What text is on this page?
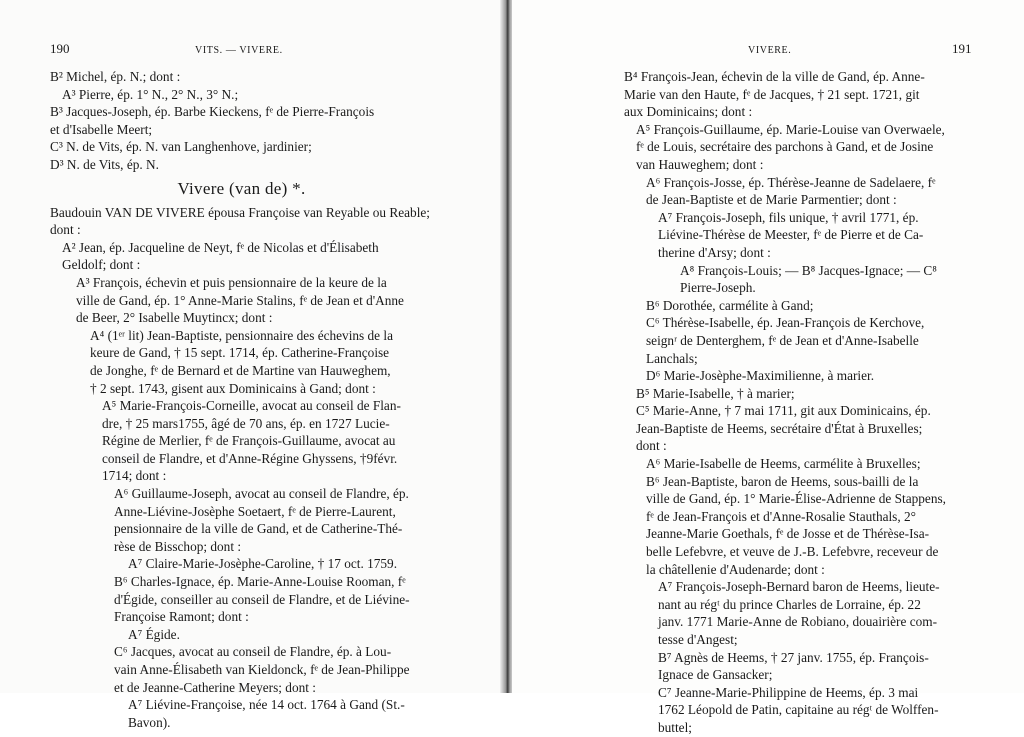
190	VITS. — VIVERE.
B² Michel, ép. N.; dont :
A³ Pierre, ép. 1° N., 2° N., 3° N.;
B³ Jacques-Joseph, ép. Barbe Kieckens, fᵉ de Pierre-François
et d'Isabelle Meert;
C³ N. de Vits, ép. N. van Langhenhove, jardinier;
D³ N. de Vits, ép. N.
Vivere (van de) *.
Baudouin VAN DE VIVERE épousa Françoise van Reyable ou Reable;
dont :
A² Jean, ép. Jacqueline de Neyt, fᵉ de Nicolas et d'Élisabeth
Geldolf; dont :
A³ François, échevin et puis pensionnaire de la keure de la
ville de Gand, ép. 1° Anne-Marie Stalins, fᵉ de Jean et d'Anne
de Beer, 2° Isabelle Muytincx; dont :
A⁴ (1ᵉʳ lit) Jean-Baptiste, pensionnaire des échevins de la
keure de Gand, † 15 sept. 1714, ép. Catherine-Françoise
de Jonghe, fᵉ de Bernard et de Martine van Hauweghem,
† 2 sept. 1743, gisent aux Dominicains à Gand; dont :
A⁵ Marie-François-Corneille, avocat au conseil de Flan-
dre, † 25 mars1755, âgé de 70 ans, ép. en 1727 Lucie-
Régine de Merlier, fᵉ de François-Guillaume, avocat au
conseil de Flandre, et d'Anne-Régine Ghyssens, †9févr.
1714; dont :
A⁶ Guillaume-Joseph, avocat au conseil de Flandre, ép.
Anne-Liévine-Josèphe Soetaert, fᵉ de Pierre-Laurent,
pensionnaire de la ville de Gand, et de Catherine-Thé-
rèse de Bisschop; dont :
A⁷ Claire-Marie-Josèphe-Caroline, † 17 oct. 1759.
B⁶ Charles-Ignace, ép. Marie-Anne-Louise Rooman, fᵉ
d'Égide, conseiller au conseil de Flandre, et de Liévine-
Françoise Ramont; dont :
A⁷ Égide.
C⁶ Jacques, avocat au conseil de Flandre, ép. à Lou-
vain Anne-Élisabeth van Kieldonck, fᵉ de Jean-Philippe
et de Jeanne-Catherine Meyers; dont :
A⁷ Liévine-Françoise, née 14 oct. 1764 à Gand (St.-
Bavon).
VIVERE.	191
B⁴ François-Jean, échevin de la ville de Gand, ép. Anne-
Marie van den Haute, fᵉ de Jacques, † 21 sept. 1721, git
aux Dominicains; dont :
A⁵ François-Guillaume, ép. Marie-Louise van Overwaele,
fᵉ de Louis, secrétaire des parchons à Gand, et de Josine
van Hauweghem; dont :
A⁶ François-Josse, ép. Thérèse-Jeanne de Sadelaere, fᵉ
de Jean-Baptiste et de Marie Parmentier; dont :
A⁷ François-Joseph, fils unique, † avril 1771, ép.
Liévine-Thérèse de Meester, fᵉ de Pierre et de Ca-
therine d'Arsy; dont :
A⁸ François-Louis; — B⁸ Jacques-Ignace; — C⁸
Pierre-Joseph.
B⁶ Dorothée, carmélite à Gand;
C⁶ Thérèse-Isabelle, ép. Jean-François de Kerchove,
seignʳ de Denterghem, fᵉ de Jean et d'Anne-Isabelle
Lanchals;
D⁶ Marie-Josèphe-Maximilienne, à marier.
B⁵ Marie-Isabelle, † à marier;
C⁵ Marie-Anne, † 7 mai 1711, git aux Dominicains, ép.
Jean-Baptiste de Heems, secrétaire d'État à Bruxelles;
dont :
A⁶ Marie-Isabelle de Heems, carmélite à Bruxelles;
B⁶ Jean-Baptiste, baron de Heems, sous-bailli de la
ville de Gand, ép. 1° Marie-Élise-Adrienne de Stappens,
fᵉ de Jean-François et d'Anne-Rosalie Stauthals, 2°
Jeanne-Marie Goethals, fᵉ de Josse et de Thérèse-Isa-
belle Lefebvre, et veuve de J.-B. Lefebvre, receveur de
la châtellenie d'Audenarde; dont :
A⁷ François-Joseph-Bernard baron de Heems, lieute-
nant au régᵗ du prince Charles de Lorraine, ép. 22
janv. 1771 Marie-Anne de Robiano, douairière com-
tesse d'Angest;
B⁷ Agnès de Heems, † 27 janv. 1755, ép. François-
Ignace de Gansacker;
C⁷ Jeanne-Marie-Philippine de Heems, ép. 3 mai
1762 Léopold de Patin, capitaine au régᵗ de Wolffen-
buttel;
